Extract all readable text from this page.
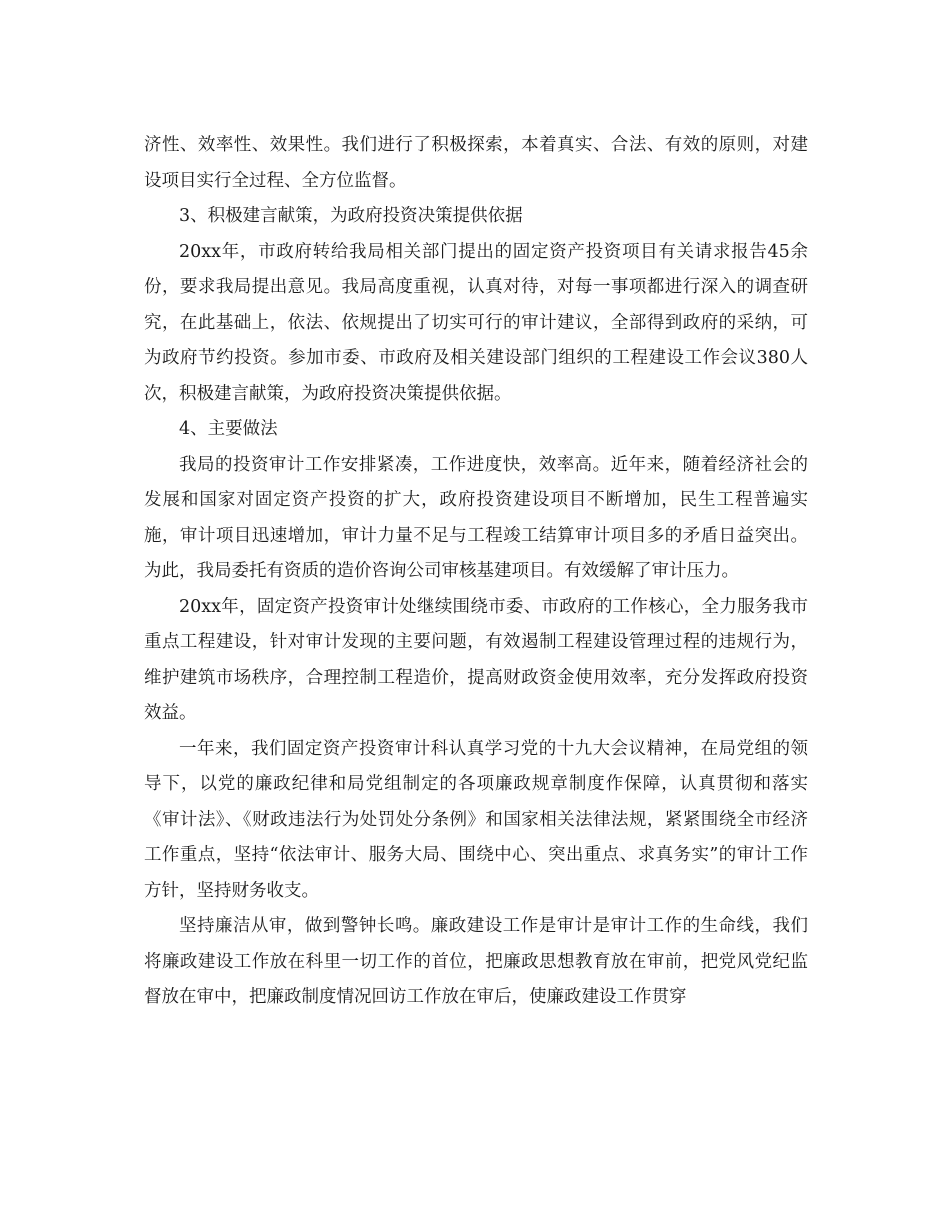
济性、效率性、效果性。我们进行了积极探索，本着真实、合法、有效的原则，对建设项目实行全过程、全方位监督。

3、积极建言献策，为政府投资决策提供依据

20xx年，市政府转给我局相关部门提出的固定资产投资项目有关请求报告45余份，要求我局提出意见。我局高度重视，认真对待，对每一事项都进行深入的调查研究，在此基础上，依法、依规提出了切实可行的审计建议，全部得到政府的采纳，可为政府节约投资。参加市委、市政府及相关建设部门组织的工程建设工作会议380人次，积极建言献策，为政府投资决策提供依据。

4、主要做法

我局的投资审计工作安排紧凑，工作进度快，效率高。近年来，随着经济社会的发展和国家对固定资产投资的扩大，政府投资建设项目不断增加，民生工程普遍实施，审计项目迅速增加，审计力量不足与工程竣工结算审计项目多的矛盾日益突出。为此，我局委托有资质的造价咨询公司审核基建项目。有效缓解了审计压力。

20xx年，固定资产投资审计处继续围绕市委、市政府的工作核心，全力服务我市重点工程建设，针对审计发现的主要问题，有效遏制工程建设管理过程的违规行为，维护建筑市场秩序，合理控制工程造价，提高财政资金使用效率，充分发挥政府投资效益。

一年来，我们固定资产投资审计科认真学习党的十九大会议精神，在局党组的领导下，以党的廉政纪律和局党组制定的各项廉政规章制度作保障，认真贯彻和落实《审计法》、《财政违法行为处罚处分条例》和国家相关法律法规，紧紧围绕全市经济工作重点，坚持“依法审计、服务大局、围绕中心、突出重点、求真务实”的审计工作方针，坚持财务收支。

坚持廉洁从审，做到警钟长鸣。廉政建设工作是审计是审计工作的生命线，我们将廉政建设工作放在科里一切工作的首位，把廉政思想教育放在审前，把党风党纪监督放在审中，把廉政制度情况回访工作放在审后，使廉政建设工作贯穿
